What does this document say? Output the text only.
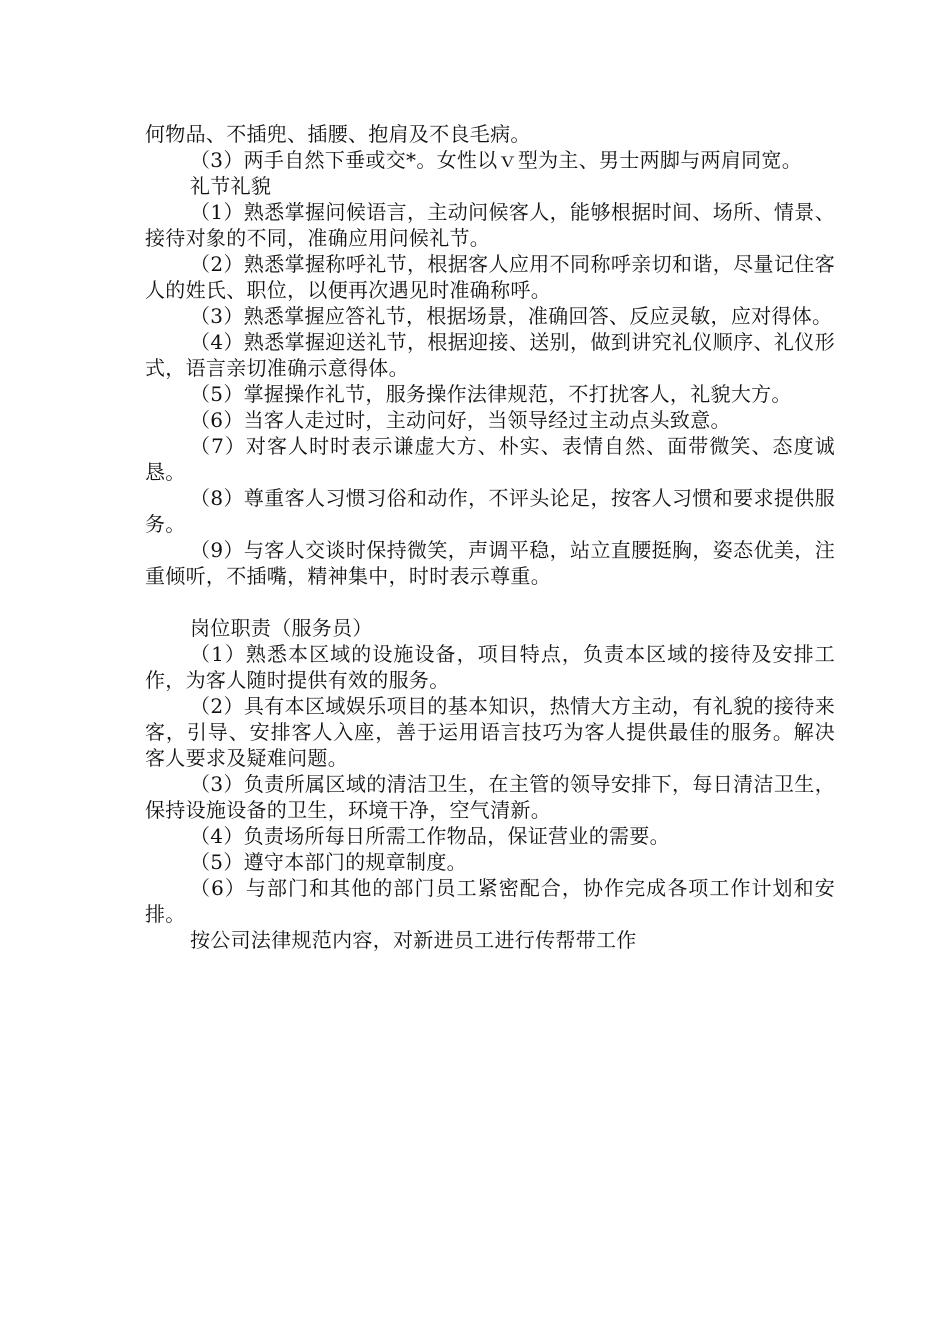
何物品、不插兜、插腰、抱肩及不良毛病。

（3）两手自然下垂或交*。女性以ｖ型为主、男士两脚与两肩同宽。

礼节礼貌

（1）熟悉掌握问候语言，主动问候客人，能够根据时间、场所、情景、接待对象的不同，准确应用问候礼节。

（2）熟悉掌握称呼礼节，根据客人应用不同称呼亲切和谐，尽量记住客人的姓氏、职位，以便再次遇见时准确称呼。

（3）熟悉掌握应答礼节，根据场景，准确回答、反应灵敏，应对得体。

（4）熟悉掌握迎送礼节，根据迎接、送别，做到讲究礼仪顺序、礼仪形式，语言亲切准确示意得体。

（5）掌握操作礼节，服务操作法律规范，不打扰客人，礼貌大方。

（6）当客人走过时，主动问好，当领导经过主动点头致意。

（7）对客人时时表示谦虚大方、朴实、表情自然、面带微笑、态度诚恳。

（8）尊重客人习惯习俗和动作，不评头论足，按客人习惯和要求提供服务。

（9）与客人交谈时保持微笑，声调平稳，站立直腰挺胸，姿态优美，注重倾听，不插嘴，精神集中，时时表示尊重。

岗位职责（服务员）

（1）熟悉本区域的设施设备，项目特点，负责本区域的接待及安排工作，为客人随时提供有效的服务。

（2）具有本区域娱乐项目的基本知识，热情大方主动，有礼貌的接待来客，引导、安排客人入座，善于运用语言技巧为客人提供最佳的服务。解决客人要求及疑难问题。

（3）负责所属区域的清洁卫生，在主管的领导安排下，每日清洁卫生，保持设施设备的卫生，环境干净，空气清新。

（4）负责场所每日所需工作物品，保证营业的需要。

（5）遵守本部门的规章制度。

（6）与部门和其他的部门员工紧密配合，协作完成各项工作计划和安排。

按公司法律规范内容，对新进员工进行传帮带工作
